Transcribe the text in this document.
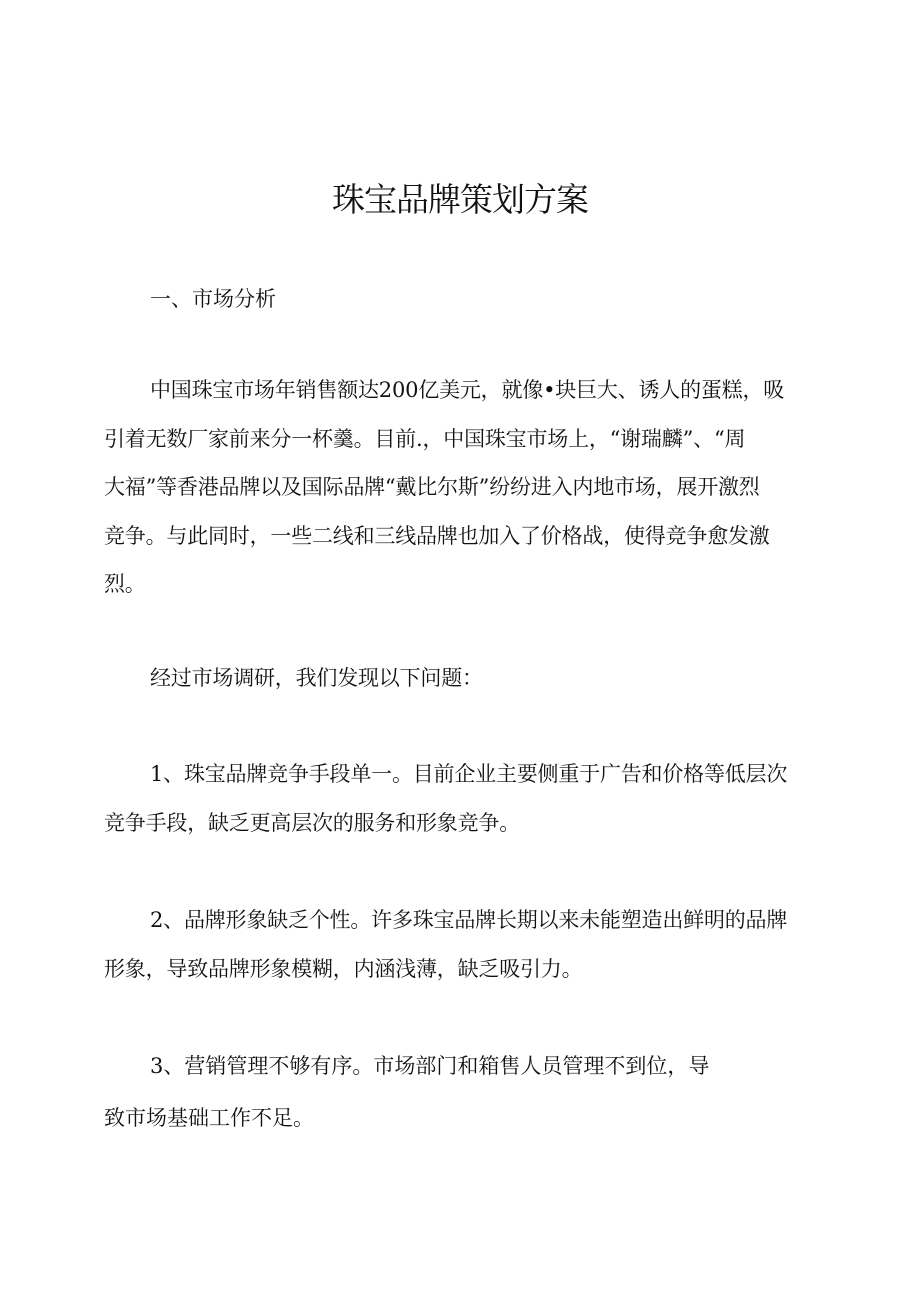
珠宝品牌策划方案

一、市场分析

中国珠宝市场年销售额达200亿美元，就像•块巨大、诱人的蛋糕，吸
引着无数厂家前来分一杯羹。目前.，中国珠宝市场上，“谢瑞麟”、“周
大福”等香港品牌以及国际品牌“戴比尔斯”纷纷进入内地市场，展开激烈
竞争。与此同时，一些二线和三线品牌也加入了价格战，使得竞争愈发激
烈。

经过市场调研，我们发现以下问题：

1、珠宝品牌竞争手段单一。目前企业主要侧重于广告和价格等低层次
竞争手段，缺乏更高层次的服务和形象竞争。

2、品牌形象缺乏个性。许多珠宝品牌长期以来未能塑造出鲜明的品牌
形象，导致品牌形象模糊，内涵浅薄，缺乏吸引力。

3、营销管理不够有序。市场部门和箱售人员管理不到位，导

致市场基础工作不足。
